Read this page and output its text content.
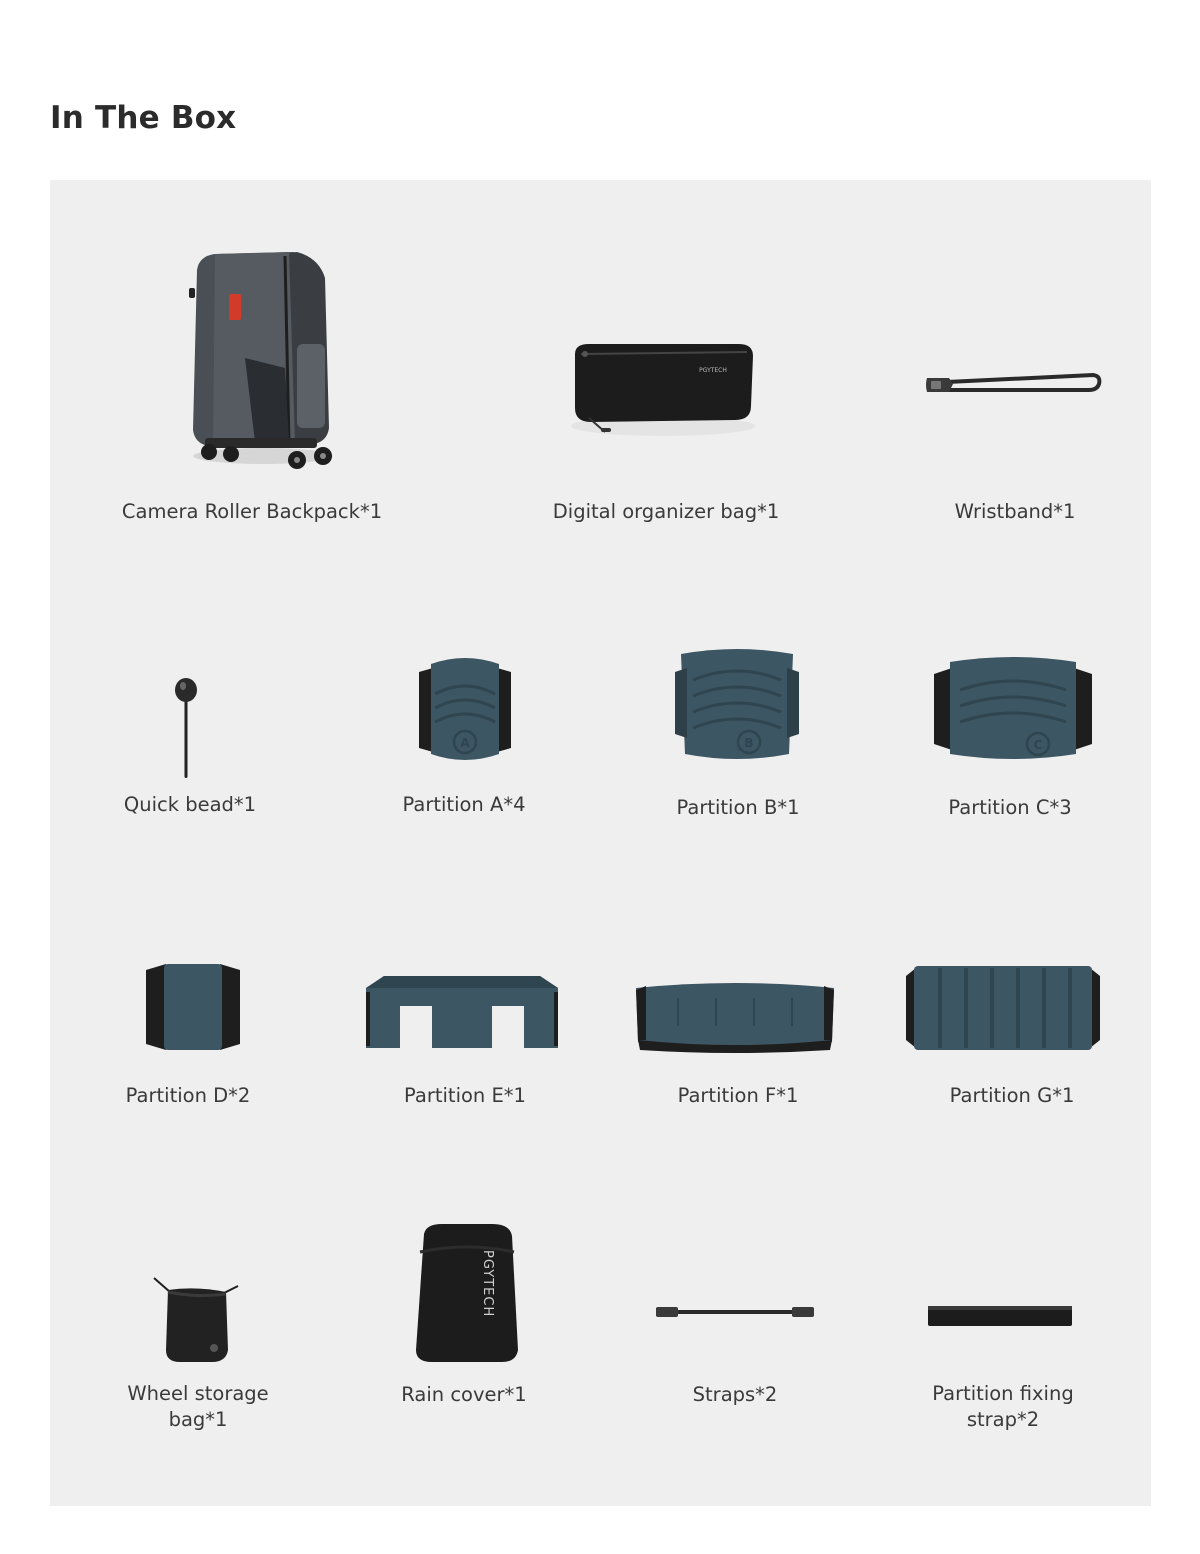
In The Box
Camera Roller Backpack*1
PGYTECH
Digital organizer bag*1	Wristband*1
Quick bead*1
A
Partition A*4
B
Partition B*1
C
Partition C*3
Partition D*2	Partition E*1	Partition F*1	Partition G*1
Wheel storage bag*1
PGYTECH
Rain cover*1	Straps*2	Partition fixing strap*2
